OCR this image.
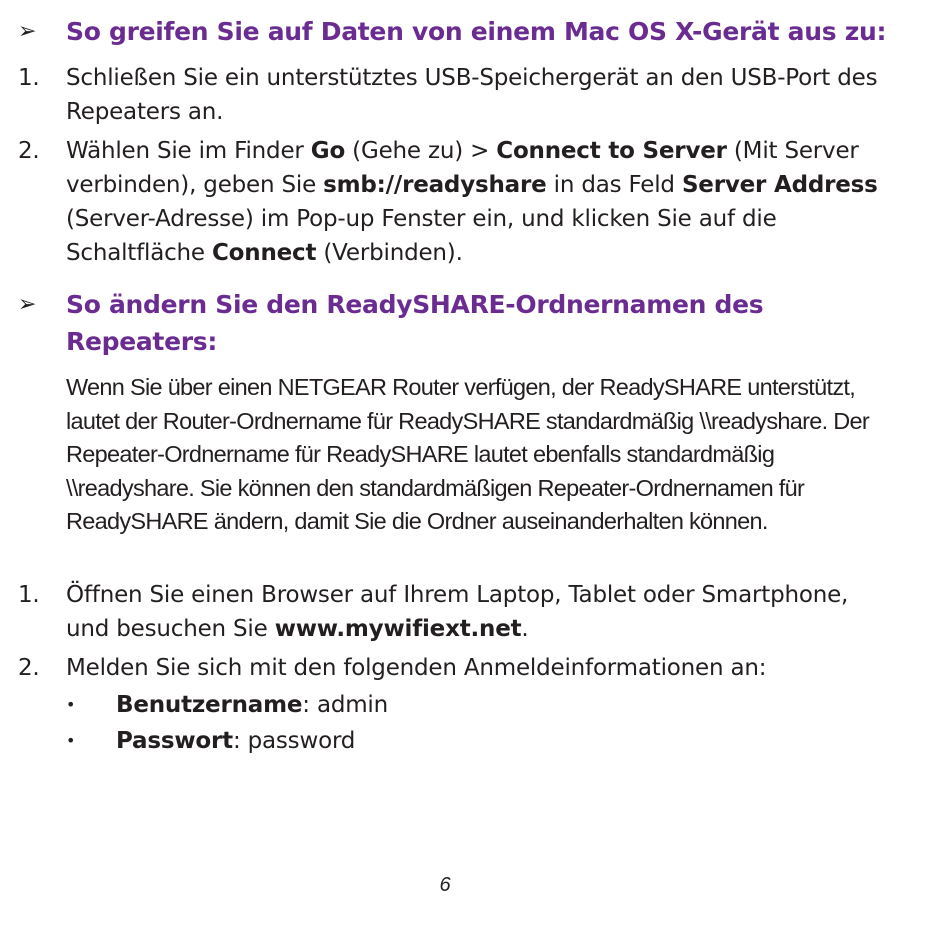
➢ So greifen Sie auf Daten von einem Mac OS X-Gerät aus zu:
1. Schließen Sie ein unterstütztes USB-Speichergerät an den USB-Port des Repeaters an.
2. Wählen Sie im Finder Go (Gehe zu) > Connect to Server (Mit Server verbinden), geben Sie smb://readyshare in das Feld Server Address (Server-Adresse) im Pop-up Fenster ein, und klicken Sie auf die Schaltfläche Connect (Verbinden).
➢ So ändern Sie den ReadySHARE-Ordnernamen des Repeaters:
Wenn Sie über einen NETGEAR Router verfügen, der ReadySHARE unterstützt, lautet der Router-Ordnername für ReadySHARE standardmäßig \\readyshare. Der Repeater-Ordnername für ReadySHARE lautet ebenfalls standardmäßig \\readyshare. Sie können den standardmäßigen Repeater-Ordnernamen für ReadySHARE ändern, damit Sie die Ordner auseinanderhalten können.
1. Öffnen Sie einen Browser auf Ihrem Laptop, Tablet oder Smartphone, und besuchen Sie www.mywifiext.net.
2. Melden Sie sich mit den folgenden Anmeldeinformationen an:
• Benutzername: admin
• Passwort: password
6
